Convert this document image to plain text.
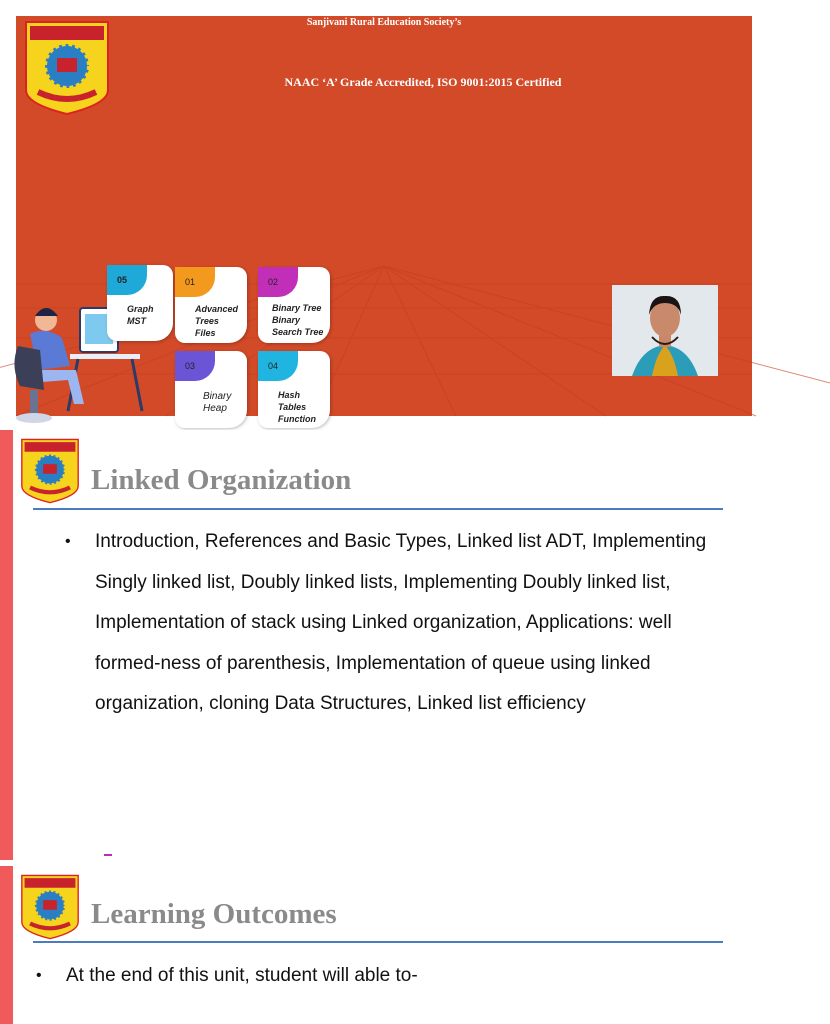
Sanjivani Rural Education Society’s
NAAC ‘A’ Grade Accredited, ISO 9001:2015 Certified
05
Graph
MST
01
Advanced
Trees
Files
02
Binary Tree
Binary
Search Tree
03
Binary
Heap
04
Hash
Tables
Function
Linked Organization
• Introduction, References and Basic Types, Linked list ADT, Implementing Singly linked list, Doubly linked lists, Implementing Doubly linked list, Implementation of stack using Linked organization, Applications: well formed-ness of parenthesis, Implementation of queue using linked organization, cloning Data Structures, Linked list efficiency
Learning Outcomes
• At the end of this unit, student will able to-
